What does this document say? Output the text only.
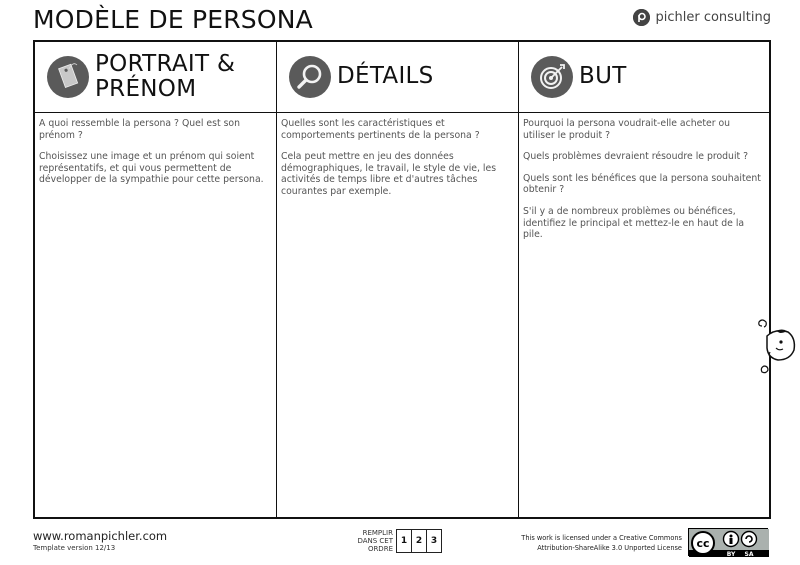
MODÈLE DE PERSONA	pichler consulting
PORTRAIT &
PRÉNOM

A quoi ressemble la persona ? Quel est son prénom ?

Choisissez une image et un prénom qui soient représentatifs, et qui vous permettent de développer de la sympathie pour cette persona.

DÉTAILS

Quelles sont les caractéristiques et comportements pertinents de la persona ?

Cela peut mettre en jeu des données démographiques, le travail, le style de vie, les activités de temps libre et d'autres tâches courantes par exemple.

BUT

Pourquoi la persona voudrait-elle acheter ou utiliser le produit ?

Quels problèmes devraient résoudre le produit ?

Quels sont les bénéfices que la persona souhaitent obtenir ?

S'il y a de nombreux problèmes ou bénéfices, identifiez le principal et mettez-le en haut de la pile.

www.romanpichler.com
Template version 12/13
REMPLIR DANS CET ORDRE
1 2 3	This work is licensed under a Creative Commons
Attribution-ShareAlike 3.0 Unported License cc
BY SA
